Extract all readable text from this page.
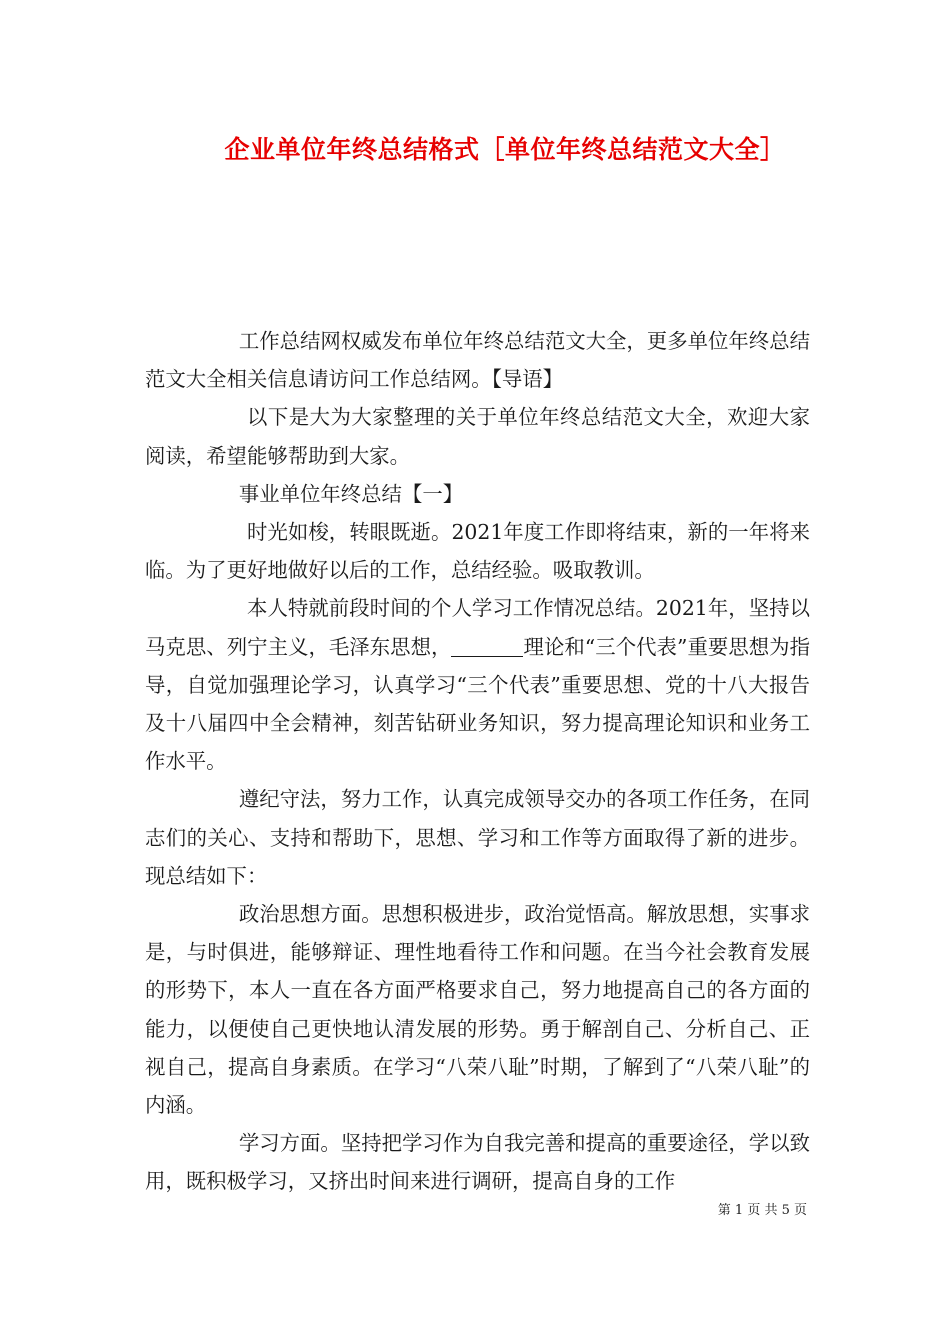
企业单位年终总结格式［单位年终总结范文大全］

工作总结网权威发布单位年终总结范文大全，更多单位年终总结范文大全相关信息请访问工作总结网。【导语】

以下是大为大家整理的关于单位年终总结范文大全，欢迎大家阅读，希望能够帮助到大家。

事业单位年终总结【一】

时光如梭，转眼既逝。2021年度工作即将结束，新的一年将来临。为了更好地做好以后的工作，总结经验。吸取教训。

本人特就前段时间的个人学习工作情况总结。2021年，坚持以马克思、列宁主义，毛泽东思想，	理论和“三个代表”重要思想为指导，自觉加强理论学习，认真学习“三个代表”重要思想、党的十八大报告及十八届四中全会精神，刻苦钻研业务知识，努力提高理论知识和业务工作水平。

遵纪守法，努力工作，认真完成领导交办的各项工作任务，在同志们的关心、支持和帮助下，思想、学习和工作等方面取得了新的进步。现总结如下：

政治思想方面。思想积极进步，政治觉悟高。解放思想，实事求是，与时俱进，能够辩证、理性地看待工作和问题。在当今社会教育发展的形势下，本人一直在各方面严格要求自己，努力地提高自己的各方面的能力，以便使自己更快地认清发展的形势。勇于解剖自己、分析自己、正视自己，提高自身素质。在学习“八荣八耻”时期，了解到了“八荣八耻”的内涵。

学习方面。坚持把学习作为自我完善和提高的重要途径，学以致用，既积极学习，又挤出时间来进行调研，提高自身的工作

第 1 页 共 5 页
